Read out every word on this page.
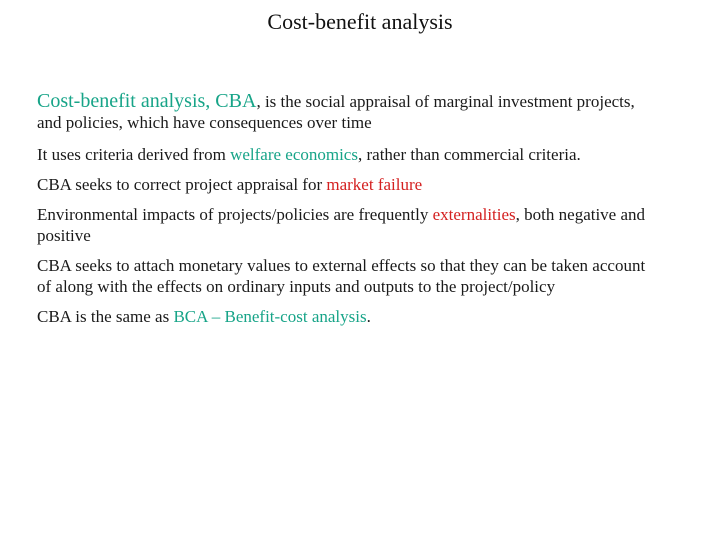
Cost-benefit analysis

Cost-benefit analysis, CBA, is the social appraisal of marginal investment projects, and policies, which have consequences over time

It uses criteria derived from welfare economics, rather than commercial criteria.

CBA seeks to correct project appraisal for market failure

Environmental impacts of projects/policies are frequently externalities, both negative and positive

CBA seeks to attach monetary values to external effects so that they can be taken account of along with the effects on ordinary inputs and outputs to the project/policy

CBA is the same as BCA – Benefit-cost analysis.
